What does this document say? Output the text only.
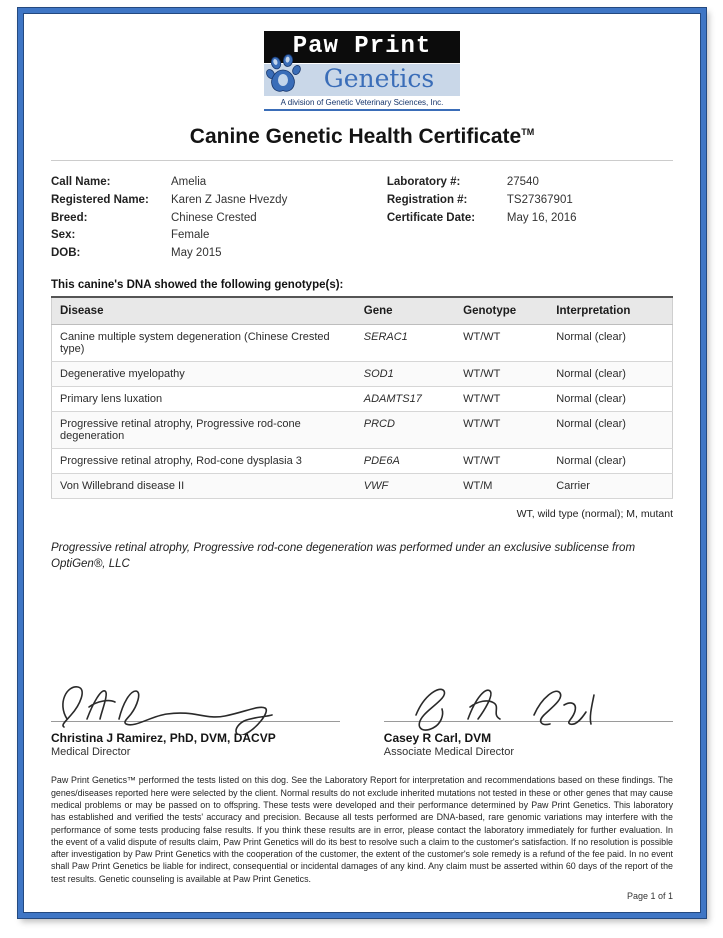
Paw Print
Genetics
A division of Genetic Veterinary Sciences, Inc.
Canine Genetic Health Certificate™
Call Name:	Amelia
Registered Name:	Karen Z Jasne Hvezdy
Breed:	Chinese Crested
Sex:	Female
DOB:	May 2015
Laboratory #:	27540
Registration #:	TS27367901
Certificate Date:	May 16, 2016
This canine's DNA showed the following genotype(s):
Disease	Gene	Genotype	Interpretation
Canine multiple system degeneration (Chinese Crested type)	SERAC1	WT/WT	Normal (clear)
Degenerative myelopathy	SOD1	WT/WT	Normal (clear)
Primary lens luxation	ADAMTS17	WT/WT	Normal (clear)
Progressive retinal atrophy, Progressive rod-cone degeneration	PRCD	WT/WT	Normal (clear)
Progressive retinal atrophy, Rod-cone dysplasia 3	PDE6A	WT/WT	Normal (clear)
Von Willebrand disease II	VWF	WT/M	Carrier
WT, wild type (normal); M, mutant
Progressive retinal atrophy, Progressive rod-cone degeneration was performed under an exclusive sublicense from OptiGen®, LLC
Christina J Ramirez, PhD, DVM, DACVP
Medical Director
Casey R Carl, DVM
Associate Medical Director
Paw Print Genetics™ performed the tests listed on this dog. See the Laboratory Report for interpretation and recommendations based on these findings. The genes/diseases reported here were selected by the client. Normal results do not exclude inherited mutations not tested in these or other genes that may cause medical problems or may be passed on to offspring. These tests were developed and their performance determined by Paw Print Genetics. This laboratory has established and verified the tests' accuracy and precision. Because all tests performed are DNA-based, rare genomic variations may interfere with the performance of some tests producing false results. If you think these results are in error, please contact the laboratory immediately for further evaluation. In the event of a valid dispute of results claim, Paw Print Genetics will do its best to resolve such a claim to the customer's satisfaction. If no resolution is possible after investigation by Paw Print Genetics with the cooperation of the customer, the extent of the customer's sole remedy is a refund of the fee paid. In no event shall Paw Print Genetics be liable for indirect, consequential or incidental damages of any kind. Any claim must be asserted within 60 days of the report of the test results. Genetic counseling is available at Paw Print Genetics.
Page 1 of 1
